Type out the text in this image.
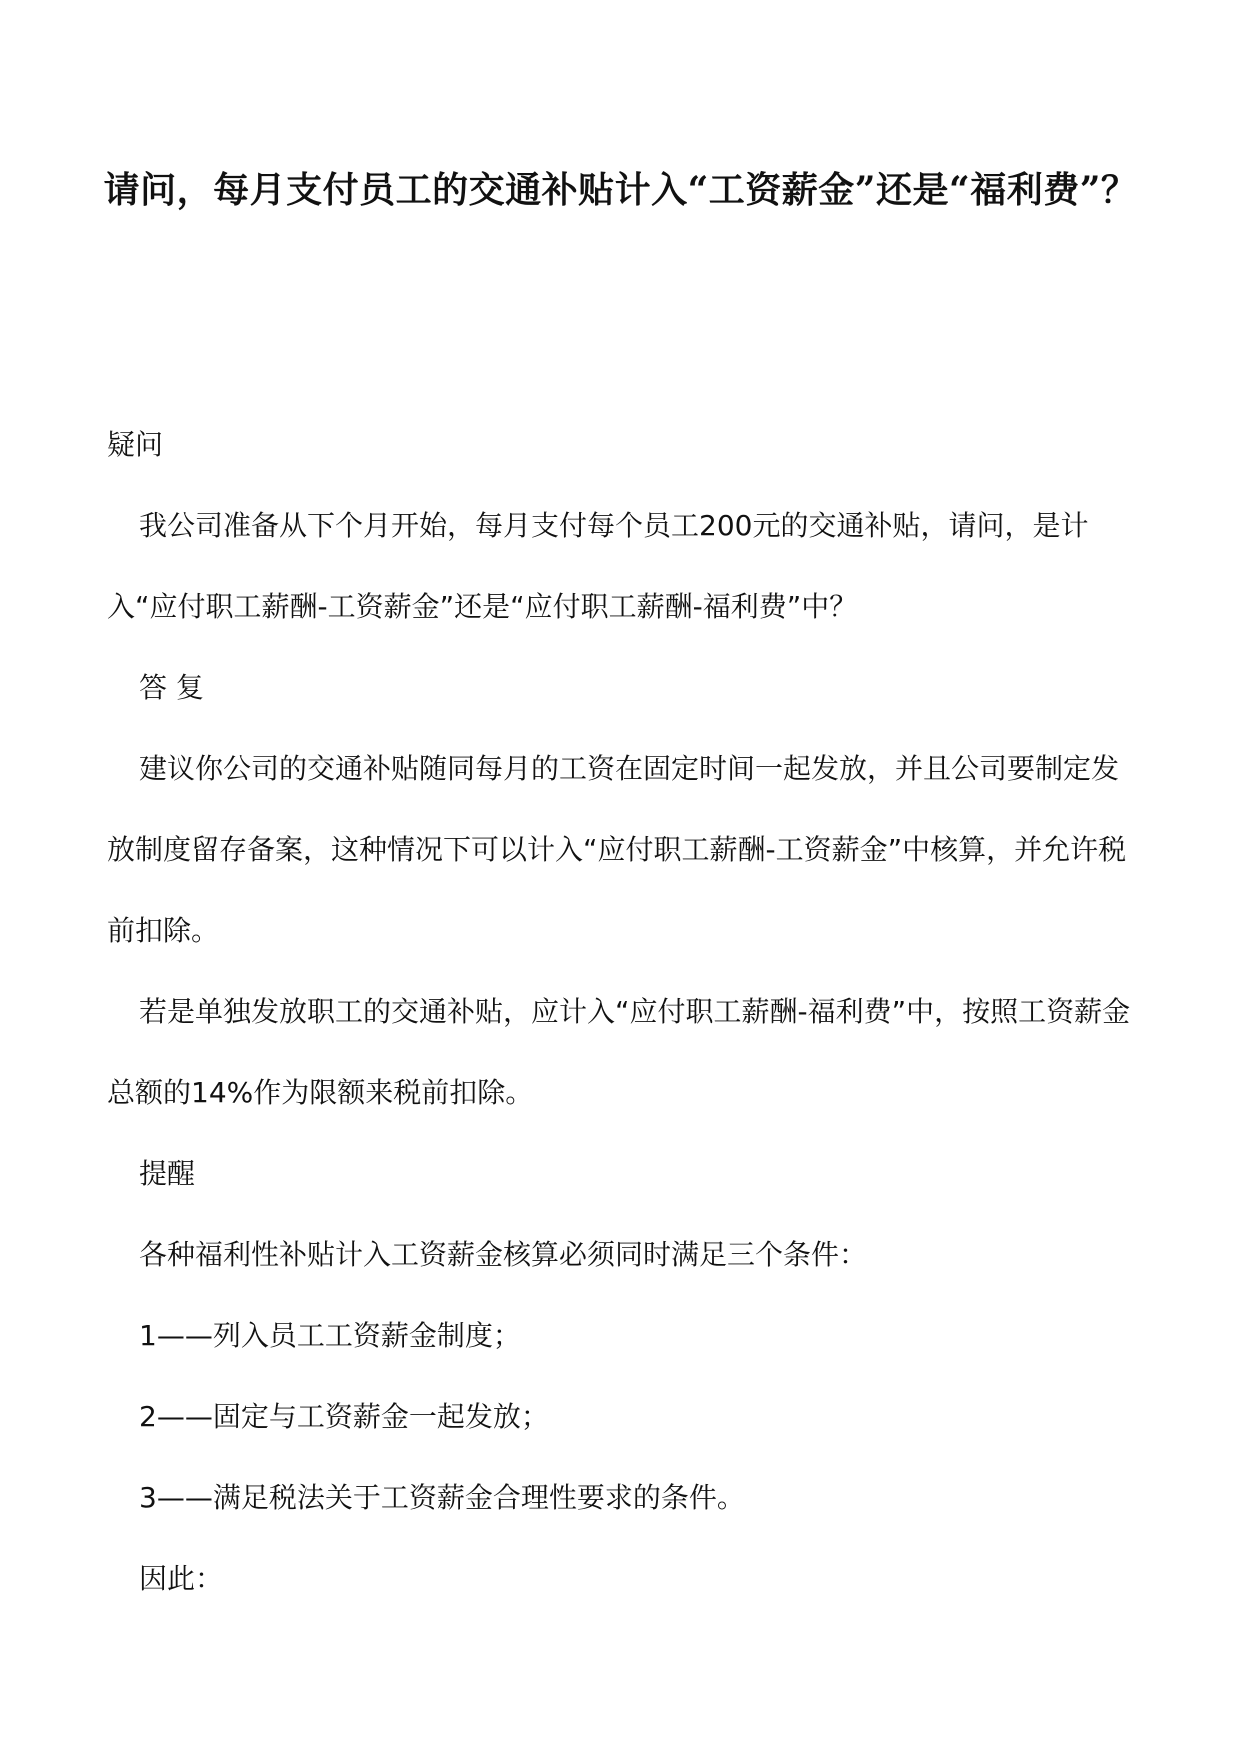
请问，每月支付员工的交通补贴计入“工资薪金”还是“福利费”？

疑问

我公司准备从下个月开始，每月支付每个员工200元的交通补贴，请问，是计入“应付职工薪酬-工资薪金”还是“应付职工薪酬-福利费”中？

答 复

建议你公司的交通补贴随同每月的工资在固定时间一起发放，并且公司要制定发放制度留存备案，这种情况下可以计入“应付职工薪酬-工资薪金”中核算，并允许税前扣除。

若是单独发放职工的交通补贴，应计入“应付职工薪酬-福利费”中，按照工资薪金总额的14%作为限额来税前扣除。

提醒

各种福利性补贴计入工资薪金核算必须同时满足三个条件：

1——列入员工工资薪金制度；

2——固定与工资薪金一起发放；

3——满足税法关于工资薪金合理性要求的条件。

因此：
